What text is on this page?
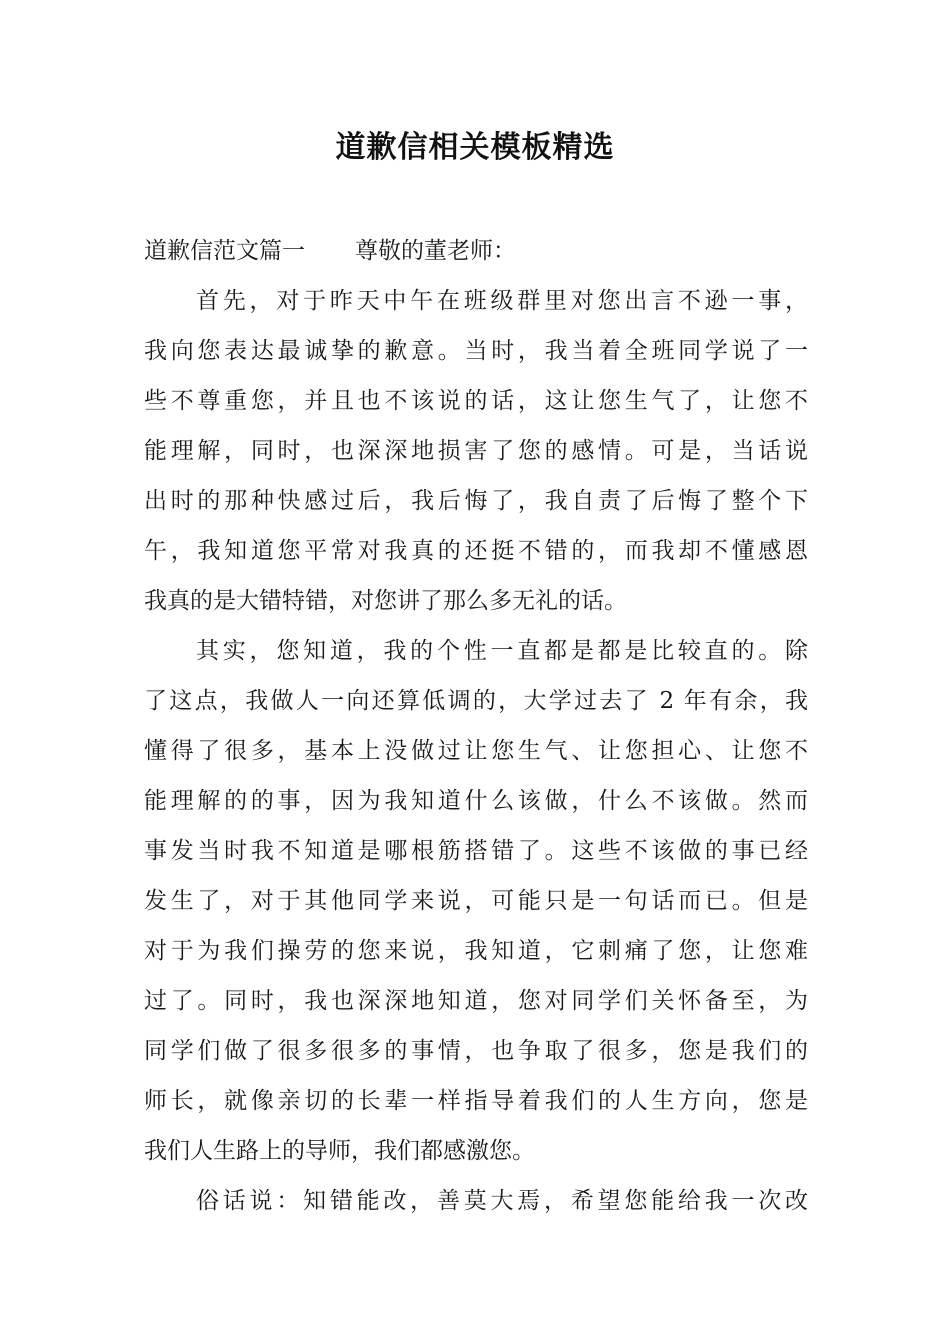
道歉信相关模板精选
道歉信范文篇一 尊敬的董老师：
首先，对于昨天中午在班级群里对您出言不逊一事，
我向您表达最诚挚的歉意。当时，我当着全班同学说了一
些不尊重您，并且也不该说的话，这让您生气了，让您不
能理解，同时，也深深地损害了您的感情。可是，当话说
出时的那种快感过后，我后悔了，我自责了后悔了整个下
午，我知道您平常对我真的还挺不错的，而我却不懂感恩
我真的是大错特错，对您讲了那么多无礼的话。
其实，您知道，我的个性一直都是都是比较直的。除
了这点，我做人一向还算低调的，大学过去了 2 年有余，我
懂得了很多，基本上没做过让您生气、让您担心、让您不
能理解的的事，因为我知道什么该做，什么不该做。然而
事发当时我不知道是哪根筋搭错了。这些不该做的事已经
发生了，对于其他同学来说，可能只是一句话而已。但是
对于为我们操劳的您来说，我知道，它刺痛了您，让您难
过了。同时，我也深深地知道，您对同学们关怀备至，为
同学们做了很多很多的事情，也争取了很多，您是我们的
师长，就像亲切的长辈一样指导着我们的人生方向，您是
我们人生路上的导师，我们都感激您。
俗话说：知错能改，善莫大焉，希望您能给我一次改
